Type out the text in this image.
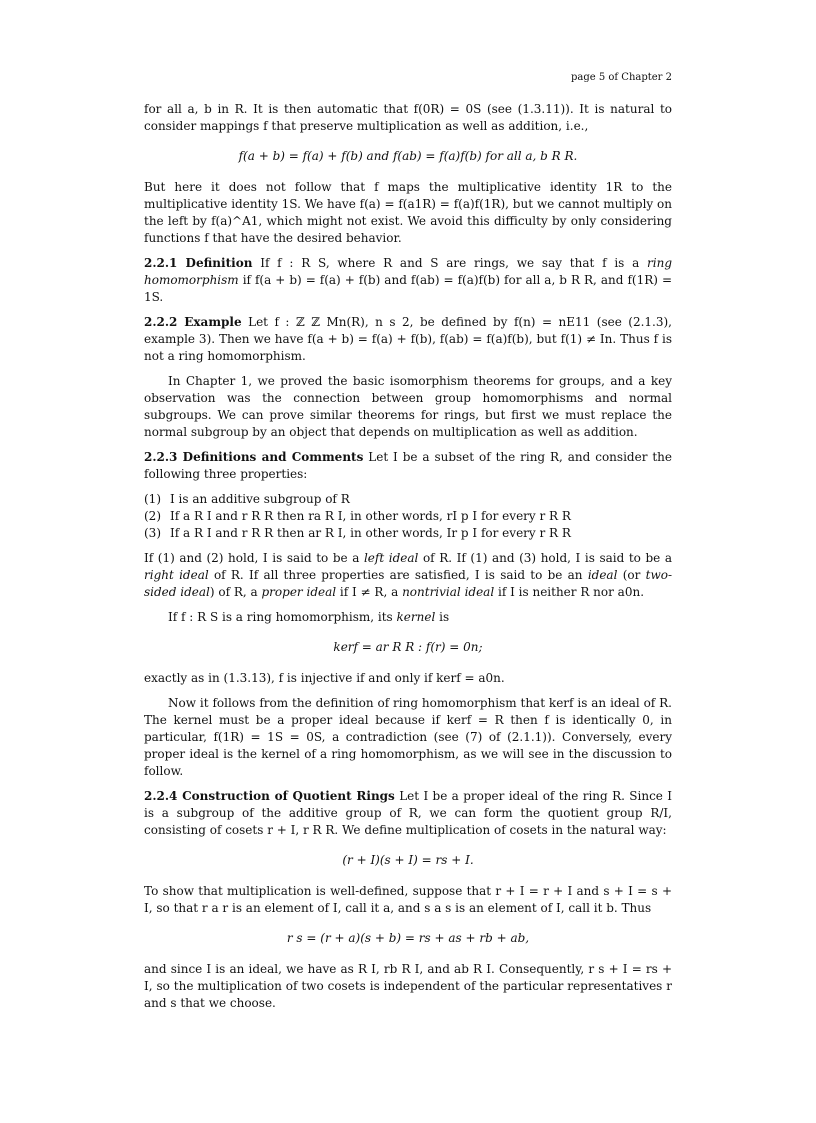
page 5 of Chapter 2

for all a, b in R. It is then automatic that f(0R) = 0S (see (1.3.11)). It is natural to consider mappings f that preserve multiplication as well as addition, i.e.,

f(a + b) = f(a) + f(b) and f(ab) = f(a)f(b) for all a, b R R.

But here it does not follow that f maps the multiplicative identity 1R to the multiplicative identity 1S. We have f(a) = f(a1R) = f(a)f(1R), but we cannot multiply on the left by f(a)^A1, which might not exist. We avoid this difficulty by only considering functions f that have the desired behavior.

2.2.1 Definition If f : R S, where R and S are rings, we say that f is a ring homomorphism if f(a + b) = f(a) + f(b) and f(ab) = f(a)f(b) for all a, b R R, and f(1R) = 1S.

2.2.2 Example Let f : ℤ ℤ Mn(R), n s 2, be defined by f(n) = nE11 (see (2.1.3), example 3). Then we have f(a + b) = f(a) + f(b), f(ab) = f(a)f(b), but f(1) ≠ In. Thus f is not a ring homomorphism.

In Chapter 1, we proved the basic isomorphism theorems for groups, and a key observation was the connection between group homomorphisms and normal subgroups. We can prove similar theorems for rings, but first we must replace the normal subgroup by an object that depends on multiplication as well as addition.

2.2.3 Definitions and Comments Let I be a subset of the ring R, and consider the following three properties:

(1) I is an additive subgroup of R
(2) If a R I and r R R then ra R I, in other words, rI p I for every r R R
(3) If a R I and r R R then ar R I, in other words, Ir p I for every r R R

If (1) and (2) hold, I is said to be a left ideal of R. If (1) and (3) hold, I is said to be a right ideal of R. If all three properties are satisfied, I is said to be an ideal (or two-sided ideal) of R, a proper ideal if I ≠ R, a nontrivial ideal if I is neither R nor a0n.

If f : R S is a ring homomorphism, its kernel is

kerf = ar R R : f(r) = 0n;

exactly as in (1.3.13), f is injective if and only if kerf = a0n.

Now it follows from the definition of ring homomorphism that kerf is an ideal of R. The kernel must be a proper ideal because if kerf = R then f is identically 0, in particular, f(1R) = 1S = 0S, a contradiction (see (7) of (2.1.1)). Conversely, every proper ideal is the kernel of a ring homomorphism, as we will see in the discussion to follow.

2.2.4 Construction of Quotient Rings Let I be a proper ideal of the ring R. Since I is a subgroup of the additive group of R, we can form the quotient group R/I, consisting of cosets r + I, r R R. We define multiplication of cosets in the natural way:

(r + I)(s + I) = rs + I.

To show that multiplication is well-defined, suppose that r + I = r + I and s + I = s + I, so that r a r is an element of I, call it a, and s a s is an element of I, call it b. Thus

r s = (r + a)(s + b) = rs + as + rb + ab,

and since I is an ideal, we have as R I, rb R I, and ab R I. Consequently, r s + I = rs + I, so the multiplication of two cosets is independent of the particular representatives r and s that we choose.
